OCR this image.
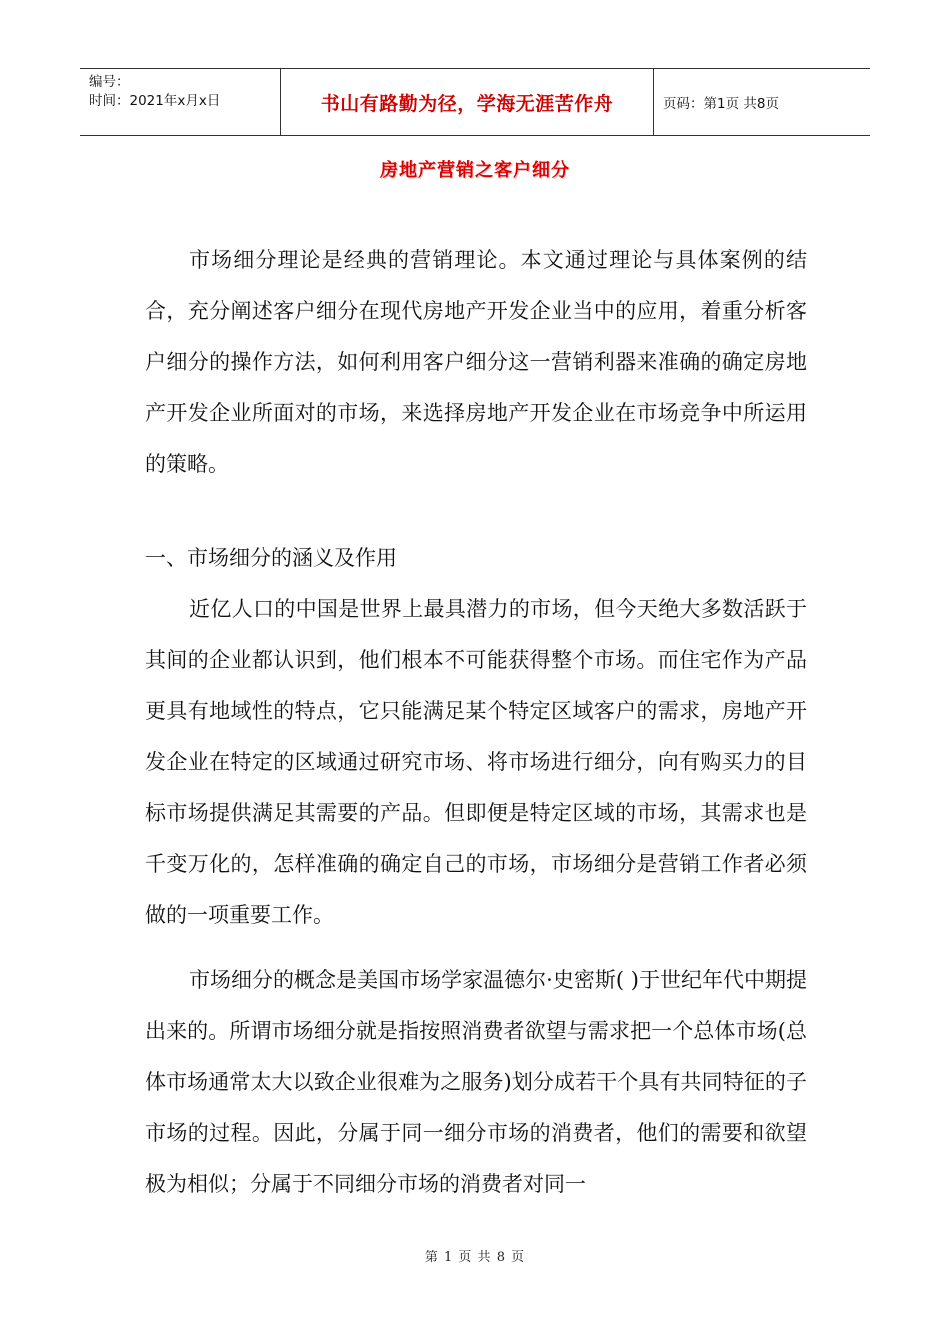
编号：
时间：2021年x月x日	书山有路勤为径，学海无涯苦作舟	页码：第1页 共8页
房地产营销之客户细分

市场细分理论是经典的营销理论。本文通过理论与具体案例的结合，充分阐述客户细分在现代房地产开发企业当中的应用，着重分析客户细分的操作方法，如何利用客户细分这一营销利器来准确的确定房地产开发企业所面对的市场，来选择房地产开发企业在市场竞争中所运用的策略。

一、市场细分的涵义及作用

近亿人口的中国是世界上最具潜力的市场，但今天绝大多数活跃于其间的企业都认识到，他们根本不可能获得整个市场。而住宅作为产品更具有地域性的特点，它只能满足某个特定区域客户的需求，房地产开发企业在特定的区域通过研究市场、将市场进行细分，向有购买力的目标市场提供满足其需要的产品。但即便是特定区域的市场，其需求也是千变万化的，怎样准确的确定自己的市场，市场细分是营销工作者必须做的一项重要工作。

市场细分的概念是美国市场学家温德尔·史密斯( )于世纪年代中期提出来的。所谓市场细分就是指按照消费者欲望与需求把一个总体市场(总体市场通常太大以致企业很难为之服务)划分成若干个具有共同特征的子市场的过程。因此，分属于同一细分市场的消费者，他们的需要和欲望极为相似；分属于不同细分市场的消费者对同一

第 1 页 共 8 页
